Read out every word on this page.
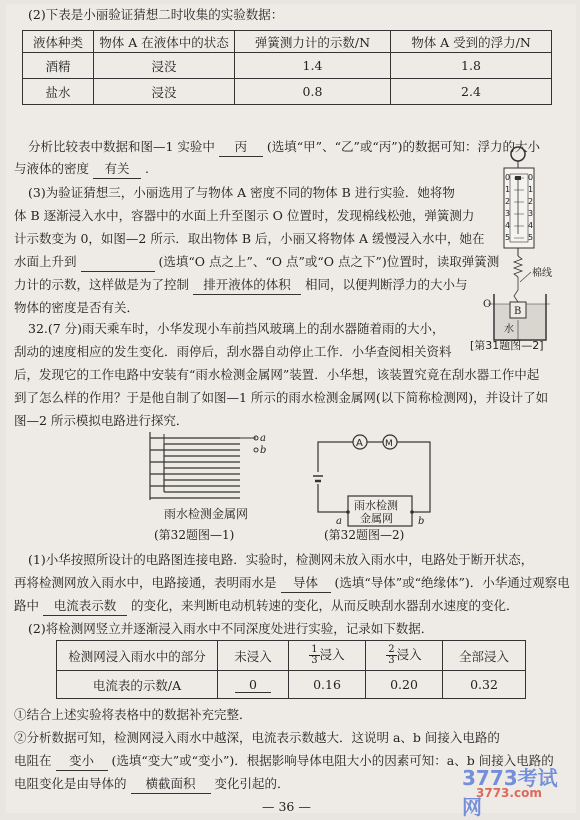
(2)下表是小丽验证猜想二时收集的实验数据：
液体种类	物体 A 在液体中的状态	弹簧测力计的示数/N	物体 A 受到的浮力/N
酒精	浸没	1.4	1.8
盐水	浸没	0.8	2.4
分析比较表中数据和图—1 实验中 丙 (选填“甲”、“乙”或“丙”)的数据可知：浮力的大小
与液体的密度 有关 .
(3)为验证猜想三，小丽选用了与物体 A 密度不同的物体 B 进行实验．她将物
体 B 逐渐浸入水中，容器中的水面上升至图示 O 位置时，发现棉线松弛，弹簧测力
计示数变为 0，如图—2 所示．取出物体 B 后，小丽又将物体 A 缓慢浸入水中，她在
水面上升到	(选填“O 点之上”、“O 点”或“O 点之下”)位置时，读取弹簧测
力计的示数，这样做是为了控制 排开液体的体积 相同，以便判断浮力的大小与
物体的密度是否有关．
0
1
2
3
4
5
0
1
2
3
4
5
棉线
O
B
水
[第31题图—2]
32.(7 分)雨天乘车时，小华发现小车前挡风玻璃上的刮水器随着雨的大小，
刮动的速度相应的发生变化．雨停后，刮水器自动停止工作．小华查阅相关资料
后，发现它的工作电路中安装有“雨水检测金属网”装置．小华想，该装置究竟在刮水器工作中起
到了怎么样的作用？于是他自制了如图—1 所示的雨水检测金属网(以下简称检测网)，并设计了如
图—2 所示模拟电路进行探究．
a
b
雨水检测金属网
(第32题图—1)
A M
雨水检测
金属网
a	b
(第32题图—2)
(1)小华按照所设计的电路图连接电路．实验时，检测网未放入雨水中，电路处于断开状态，
再将检测网放入雨水中，电路接通，表明雨水是 导体 (选填“导体”或“绝缘体”)．小华通过观察电
路中 电流表示数 的变化，来判断电动机转速的变化，从而反映刮水器刮水速度的变化．
(2)将检测网竖立并逐渐浸入雨水中不同深度处进行实验，记录如下数据．
检测网浸入雨水中的部分	未浸入	$\frac{1}{3}$ 浸入	$\frac{2}{3}$ 浸入	全部浸入
电流表的示数/A	0	0.16	0.20	0.32
①结合上述实验将表格中的数据补充完整．
②分析数据可知，检测网浸入雨水中越深，电流表示数越大．这说明 a、b 间接入电路的
电阻在 变小 (选填“变大”或“变小”)．根据影响导体电阻大小的因素可知：a、b 间接入电路的
电阻变化是由导体的 横截面积 变化引起的．
— 36 —
3773考试网
3773.com
